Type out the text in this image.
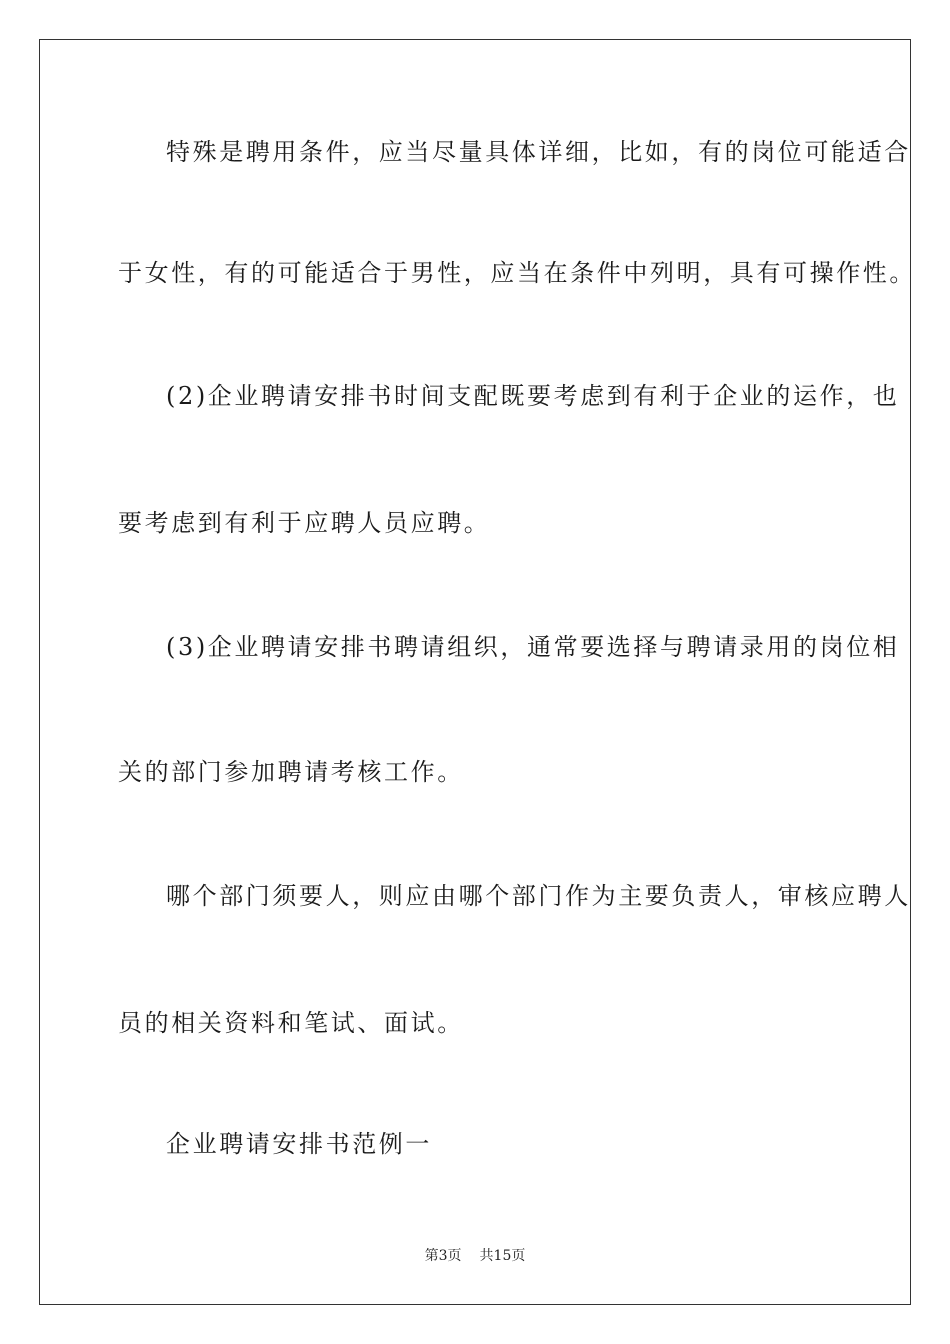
特殊是聘用条件，应当尽量具体详细，比如，有的岗位可能适合
于女性，有的可能适合于男性，应当在条件中列明，具有可操作性。
(2)企业聘请安排书时间支配既要考虑到有利于企业的运作，也
要考虑到有利于应聘人员应聘。
(3)企业聘请安排书聘请组织，通常要选择与聘请录用的岗位相
关的部门参加聘请考核工作。
哪个部门须要人，则应由哪个部门作为主要负责人，审核应聘人
员的相关资料和笔试、面试。
企业聘请安排书范例一
第3页 共15页
